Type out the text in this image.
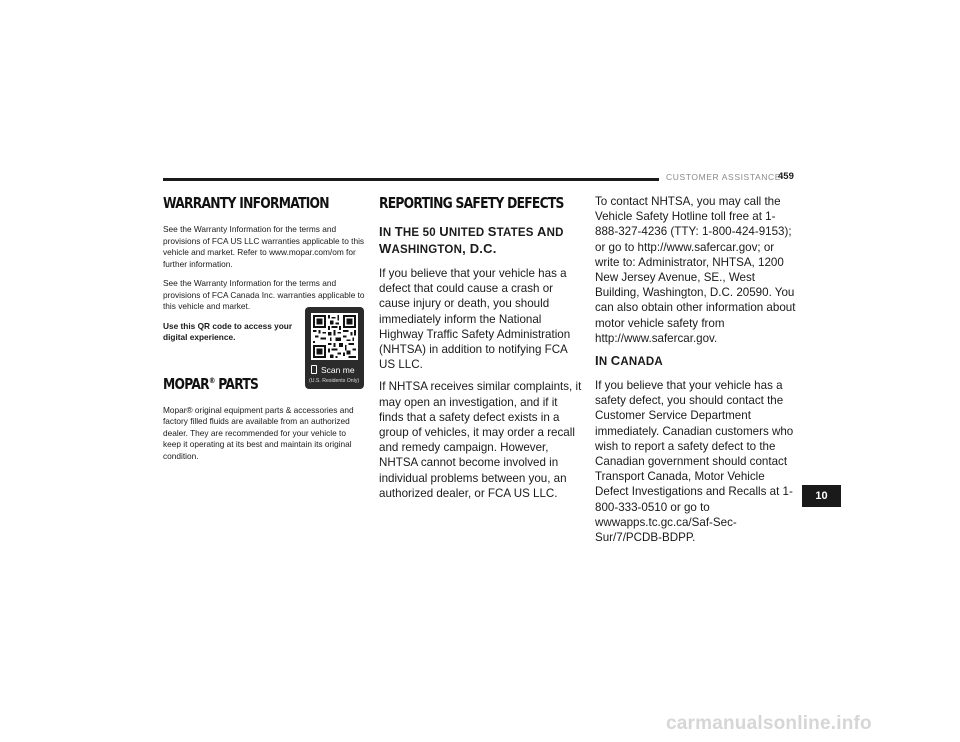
CUSTOMER ASSISTANCE
459
WARRANTY INFORMATION

See the Warranty Information for the terms and provisions of FCA US LLC warranties applicable to this vehicle and market. Refer to www.mopar.com/om for further information.

See the Warranty Information for the terms and provisions of FCA Canada Inc. warranties applicable to this vehicle and market.

Use this QR code to access your digital experience.

MOPAR® PARTS

Mopar® original equipment parts & accessories and factory filled fluids are available from an authorized dealer. They are recommended for your vehicle to keep it operating at its best and maintain its original condition.

Scan me
(U.S. Residents Only)
REPORTING SAFETY DEFECTS
IN THE 50 UNITED STATES AND
WASHINGTON, D.C.

If you believe that your vehicle has a defect that could cause a crash or cause injury or death, you should immediately inform the National Highway Traffic Safety Administration (NHTSA) in addition to notifying FCA US LLC.

If NHTSA receives similar complaints, it may open an investigation, and if it finds that a safety defect exists in a group of vehicles, it may order a recall and remedy campaign. However, NHTSA cannot become involved in individual problems between you, an authorized dealer, or FCA US LLC.

To contact NHTSA, you may call the Vehicle Safety Hotline toll free at 1-888-327-4236 (TTY: 1-800-424-9153); or go to http://www.safercar.gov; or write to: Administrator, NHTSA, 1200 New Jersey Avenue, SE., West Building, Washington, D.C. 20590. You can also obtain other information about motor vehicle safety from http://www.safercar.gov.

IN CANADA

If you believe that your vehicle has a safety defect, you should contact the Customer Service Department immediately. Canadian customers who wish to report a safety defect to the Canadian government should contact Transport Canada, Motor Vehicle Defect Investigations and Recalls at 1-800-333-0510 or go to wwwapps.tc.gc.ca/Saf-Sec-Sur/7/PCDB-BDPP.

10
carmanualsonline.info
